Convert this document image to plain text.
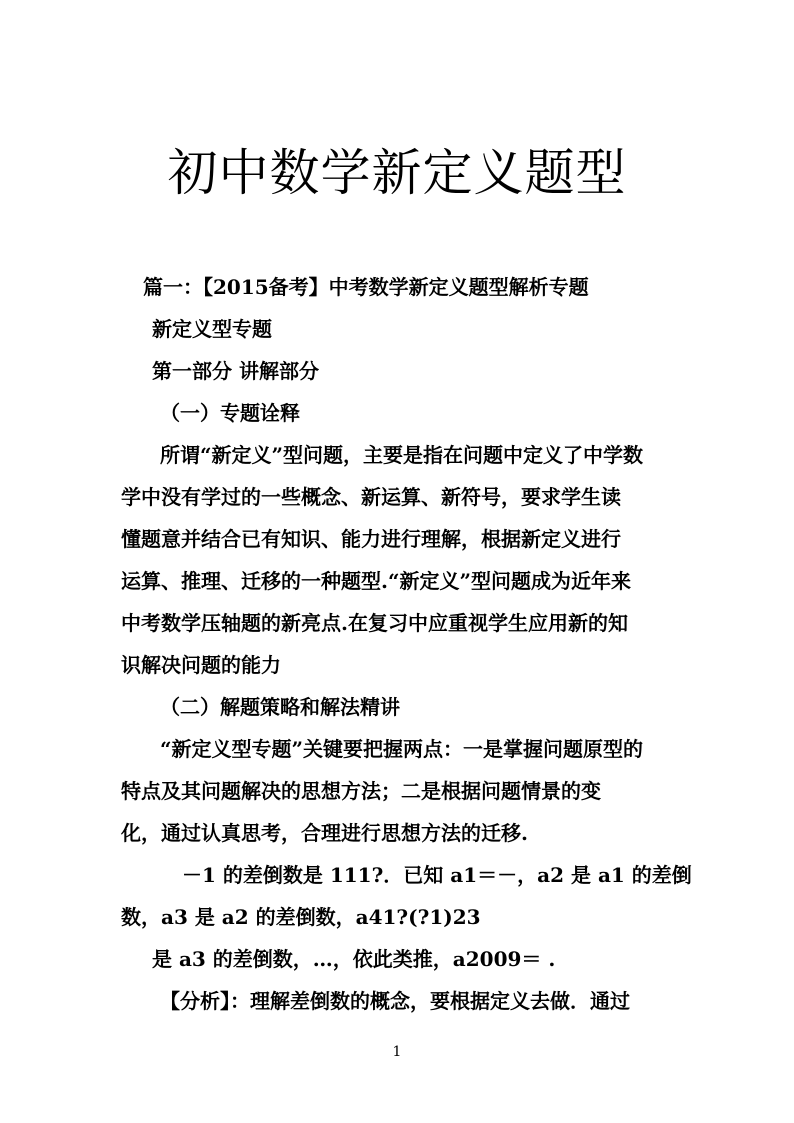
初中数学新定义题型
篇一：【2015备考】中考数学新定义题型解析专题
新定义型专题
第一部分 讲解部分
（一）专题诠释
所谓“新定义”型问题，主要是指在问题中定义了中学数
学中没有学过的一些概念、新运算、新符号，要求学生读
懂题意并结合已有知识、能力进行理解，根据新定义进行
运算、推理、迁移的一种题型.“新定义”型问题成为近年来
中考数学压轴题的新亮点.在复习中应重视学生应用新的知
识解决问题的能力
（二）解题策略和解法精讲
“新定义型专题”关键要把握两点：一是掌握问题原型的
特点及其问题解决的思想方法；二是根据问题情景的变
化，通过认真思考，合理进行思想方法的迁移.
－1 的差倒数是 111?．已知 a1＝－，a2 是 a1 的差倒
数，a3 是 a2 的差倒数，a41?(?1)23
是 a3 的差倒数，…，依此类推，a2009＝ .
【分析】：理解差倒数的概念，要根据定义去做．通过
1
